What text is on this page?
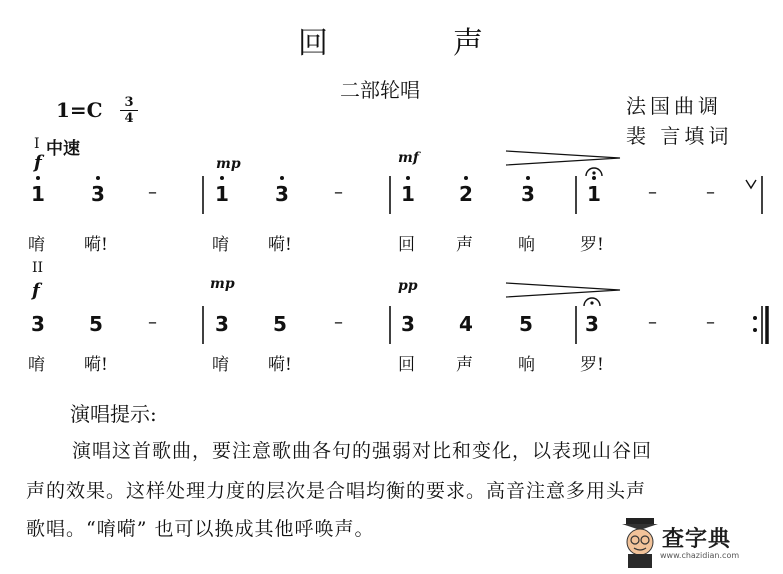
回	声
二部轮唱
法国曲调
裴 言填词
1=C	3
4
I 中速
f	mp	mf
1 3 –	1 3	–	1 2 3	1	–	–
唷 嗬!	唷 嗬!	回 声	响	罗!
II
f	mp	pp
3 5	–	3 5	–	3 4 5	3	–	–
唷 嗬!	唷 嗬!	回 声	响	罗!
演唱提示:
演唱这首歌曲，要注意歌曲各句的强弱对比和变化，以表现山谷回
声的效果。这样处理力度的层次是合唱均衡的要求。高音注意多用头声
歌唱。“唷嗬” 也可以换成其他呼唤声。	查字典
www.chazidian.com
